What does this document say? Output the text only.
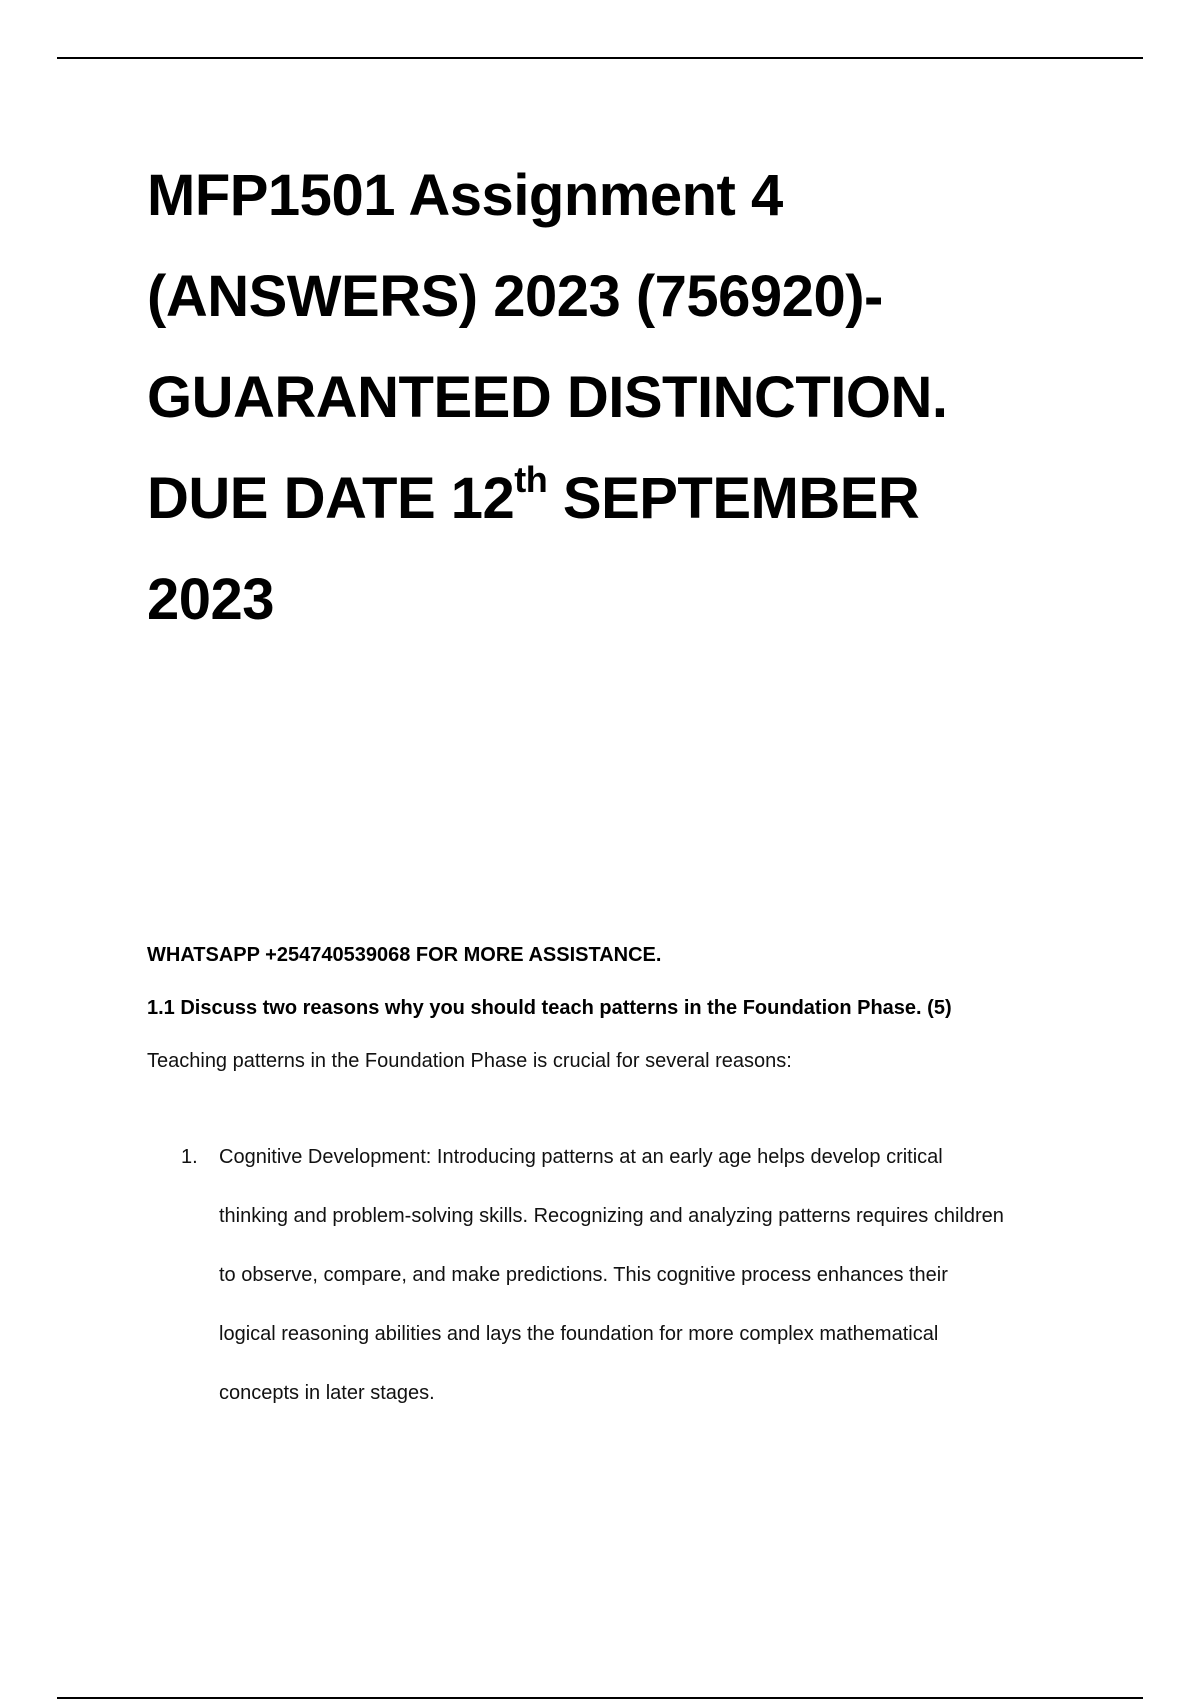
MFP1501 Assignment 4
(ANSWERS) 2023 (756920)-
GUARANTEED DISTINCTION.
DUE DATE 12th SEPTEMBER
2023
WHATSAPP +254740539068 FOR MORE ASSISTANCE.
1.1 Discuss two reasons why you should teach patterns in the Foundation Phase. (5)
Teaching patterns in the Foundation Phase is crucial for several reasons:
1. Cognitive Development: Introducing patterns at an early age helps develop critical
thinking and problem-solving skills. Recognizing and analyzing patterns requires children
to observe, compare, and make predictions. This cognitive process enhances their
logical reasoning abilities and lays the foundation for more complex mathematical
concepts in later stages.
